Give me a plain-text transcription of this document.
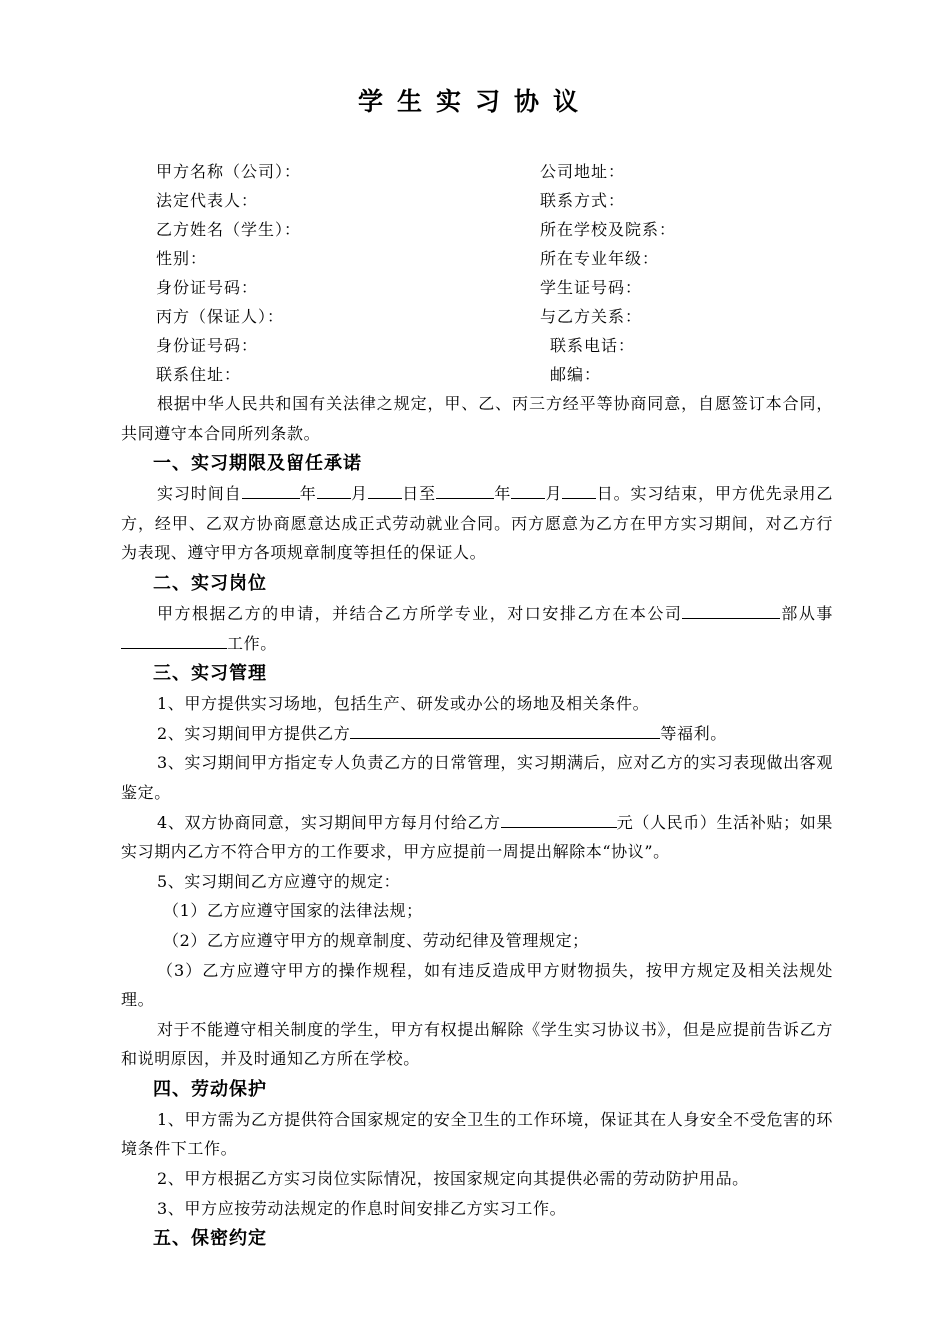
学生实习协议
甲方名称（公司）：	公司地址：
法定代表人：	联系方式：
乙方姓名（学生）：	所在学校及院系：
性别：	所在专业年级：
身份证号码：	学生证号码：
丙方（保证人）：	与乙方关系：
身份证号码：	联系电话：
联系住址：	邮编：

根据中华人民共和国有关法律之规定，甲、乙、丙三方经平等协商同意，自愿签订本合同，共同遵守本合同所列条款。

一、实习期限及留任承诺

实习时间自	年 月 日至	年 月 日。实习结束，甲方优先录用乙方，经甲、乙双方协商愿意达成正式劳动就业合同。丙方愿意为乙方在甲方实习期间，对乙方行为表现、遵守甲方各项规章制度等担任的保证人。

二、实习岗位

甲方根据乙方的申请，并结合乙方所学专业，对口安排乙方在本公司	部从事工作。

三、实习管理

1、甲方提供实习场地，包括生产、研发或办公的场地及相关条件。

2、实习期间甲方提供乙方	等福利。

3、实习期间甲方指定专人负责乙方的日常管理，实习期满后，应对乙方的实习表现做出客观鉴定。

4、双方协商同意，实习期间甲方每月付给乙方	元（人民币）生活补贴；如果实习期内乙方不符合甲方的工作要求，甲方应提前一周提出解除本“协议”。

5、实习期间乙方应遵守的规定：

（1）乙方应遵守国家的法律法规；

（2）乙方应遵守甲方的规章制度、劳动纪律及管理规定；

（3）乙方应遵守甲方的操作规程，如有违反造成甲方财物损失，按甲方规定及相关法规处理。

对于不能遵守相关制度的学生，甲方有权提出解除《学生实习协议书》，但是应提前告诉乙方和说明原因，并及时通知乙方所在学校。

四、劳动保护

1、甲方需为乙方提供符合国家规定的安全卫生的工作环境，保证其在人身安全不受危害的环境条件下工作。

2、甲方根据乙方实习岗位实际情况，按国家规定向其提供必需的劳动防护用品。

3、甲方应按劳动法规定的作息时间安排乙方实习工作。

五、保密约定
